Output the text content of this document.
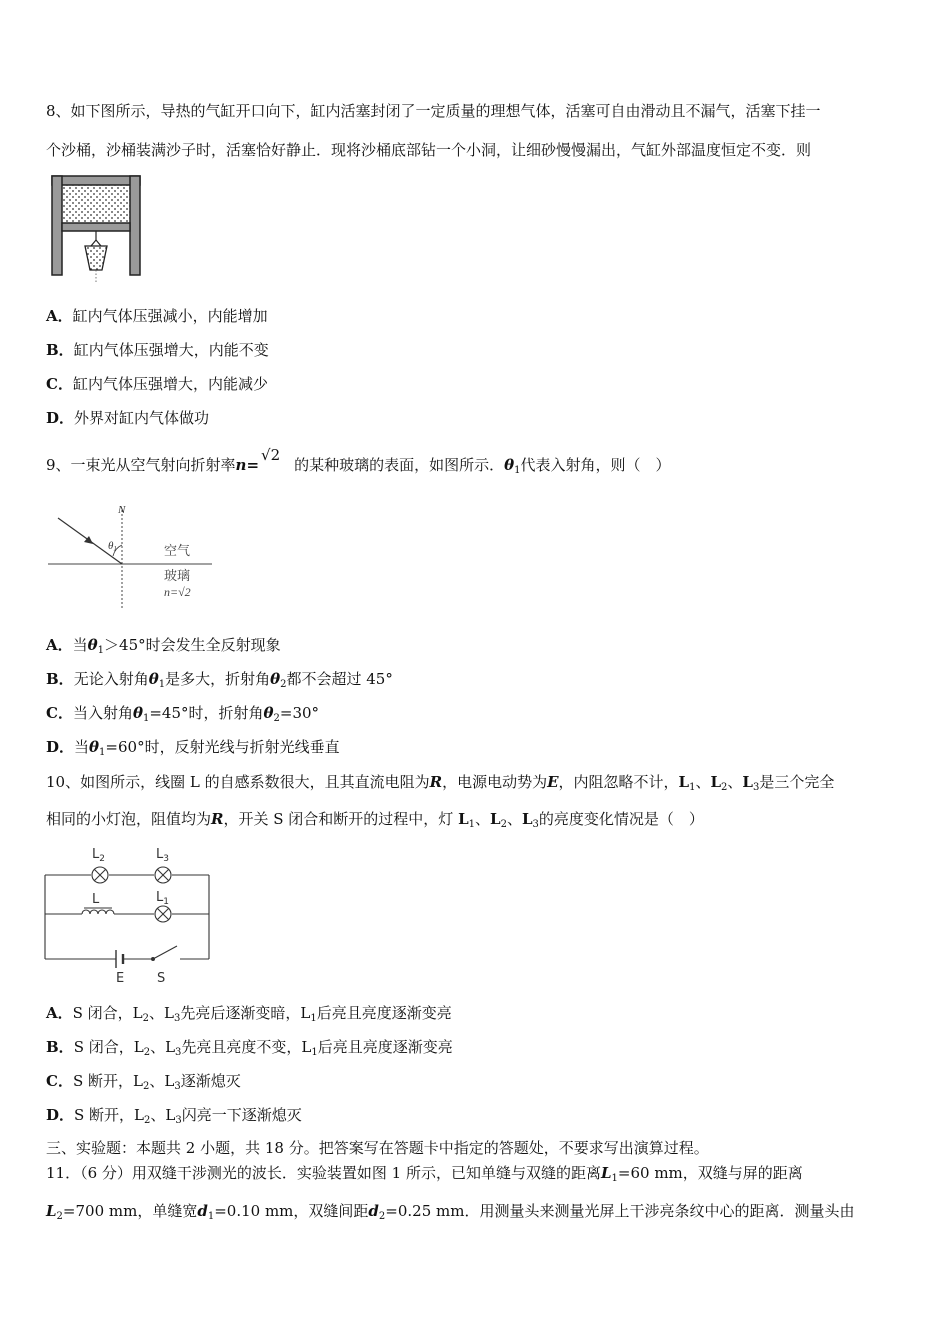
8、如下图所示，导热的气缸开口向下，缸内活塞封闭了一定质量的理想气体，活塞可自由滑动且不漏气，活塞下挂一
个沙桶，沙桶装满沙子时，活塞恰好静止．现将沙桶底部钻一个小洞，让细砂慢慢漏出，气缸外部温度恒定不变．则
A．缸内气体压强减小，内能增加
B．缸内气体压强增大，内能不变
C．缸内气体压强增大，内能减少
D．外界对缸内气体做功
9、一束光从空气射向折射率n=√2的某种玻璃的表面，如图所示．$\theta_1$代表入射角，则（　）
N
θ1	空气
玻璃
n=√2
A．当$\theta_1>45^\circ$时会发生全反射现象
B．无论入射角$\theta_1$是多大，折射角$\theta_2$都不会超过 45°
C．当入射角$\theta_1=45^\circ$时，折射角$\theta_2=30^\circ$
D．当$\theta_1=60^\circ$时，反射光线与折射光线垂直
10、如图所示，线圈 L 的自感系数很大，且其直流电阻为R，电源电动势为E，内阻忽略不计，$L_1$、$L_2$、$L_3$是三个完全
相同的小灯泡，阻值均为R，开关 S 闭合和断开的过程中，灯 $L_1$、$L_2$、$L_3$的亮度变化情况是（　）
$L_2$	$L_3$
L	$L_1$
E	S
A．S 闭合，$L_2$、$L_3$先亮后逐渐变暗，$L_1$后亮且亮度逐渐变亮
B．S 闭合，$L_2$、$L_3$先亮且亮度不变，$L_1$后亮且亮度逐渐变亮
C．S 断开，$L_2$、$L_3$逐渐熄灭
D．S 断开，$L_2$、$L_3$闪亮一下逐渐熄灭
三、实验题：本题共 2 小题，共 18 分。把答案写在答题卡中指定的答题处，不要求写出演算过程。
11．（6 分）用双缝干涉测光的波长．实验装置如图 1 所示，已知单缝与双缝的距离$L_1=60$ mm，双缝与屏的距离
$L_2=700$ mm，单缝宽$d_1=0.10$ mm，双缝间距$d_2=0.25$ mm．用测量头来测量光屏上干涉亮条纹中心的距离．测量头由
